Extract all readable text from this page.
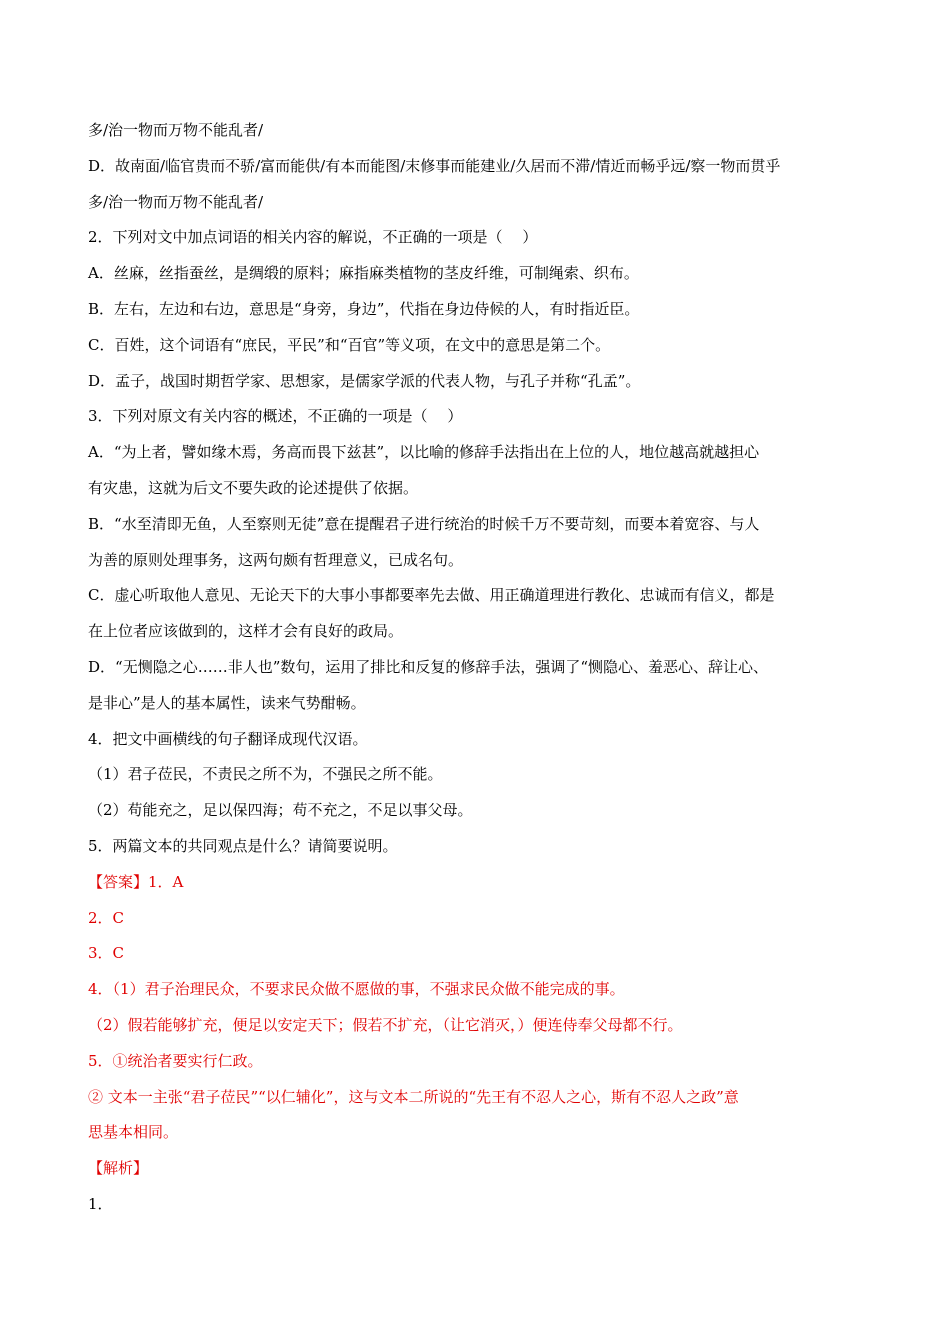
多/治一物而万物不能乱者/

D．故南面/临官贵而不骄/富而能供/有本而能图/末修事而能建业/久居而不滞/情近而畅乎远/察一物而贯乎

多/治一物而万物不能乱者/

2．下列对文中加点词语的相关内容的解说，不正确的一项是（　 ）

A．丝麻，丝指蚕丝，是绸缎的原料；麻指麻类植物的茎皮纤维，可制绳索、织布。

B．左右，左边和右边，意思是“身旁，身边”，代指在身边侍候的人，有时指近臣。

C．百姓，这个词语有“庶民，平民”和“百官”等义项，在文中的意思是第二个。

D．孟子，战国时期哲学家、思想家，是儒家学派的代表人物，与孔子并称“孔孟”。

3．下列对原文有关内容的概述，不正确的一项是（　 ）

A．“为上者，譬如缘木焉，务高而畏下兹甚”，以比喻的修辞手法指出在上位的人，地位越高就越担心

有灾患，这就为后文不要失政的论述提供了依据。

B．“水至清即无鱼，人至察则无徒”意在提醒君子进行统治的时候千万不要苛刻，而要本着宽容、与人

为善的原则处理事务，这两句颇有哲理意义，已成名句。

C．虚心听取他人意见、无论天下的大事小事都要率先去做、用正确道理进行教化、忠诚而有信义，都是

在上位者应该做到的，这样才会有良好的政局。

D．“无恻隐之心……非人也”数句，运用了排比和反复的修辞手法，强调了“恻隐心、羞恶心、辞让心、

是非心”是人的基本属性，读来气势酣畅。

4．把文中画横线的句子翻译成现代汉语。

（1）君子莅民，不责民之所不为，不强民之所不能。

（2）苟能充之，足以保四海；苟不充之，不足以事父母。

5．两篇文本的共同观点是什么？请简要说明。

【答案】1．A

2．C

3．C

4．（1）君子治理民众，不要求民众做不愿做的事，不强求民众做不能完成的事。

（2）假若能够扩充，便足以安定天下；假若不扩充，（让它消灭，）便连侍奉父母都不行。

5．①统治者要实行仁政。

② 文本一主张“君子莅民”“以仁辅化”，这与文本二所说的“先王有不忍人之心，斯有不忍人之政”意

思基本相同。

【解析】

1．
